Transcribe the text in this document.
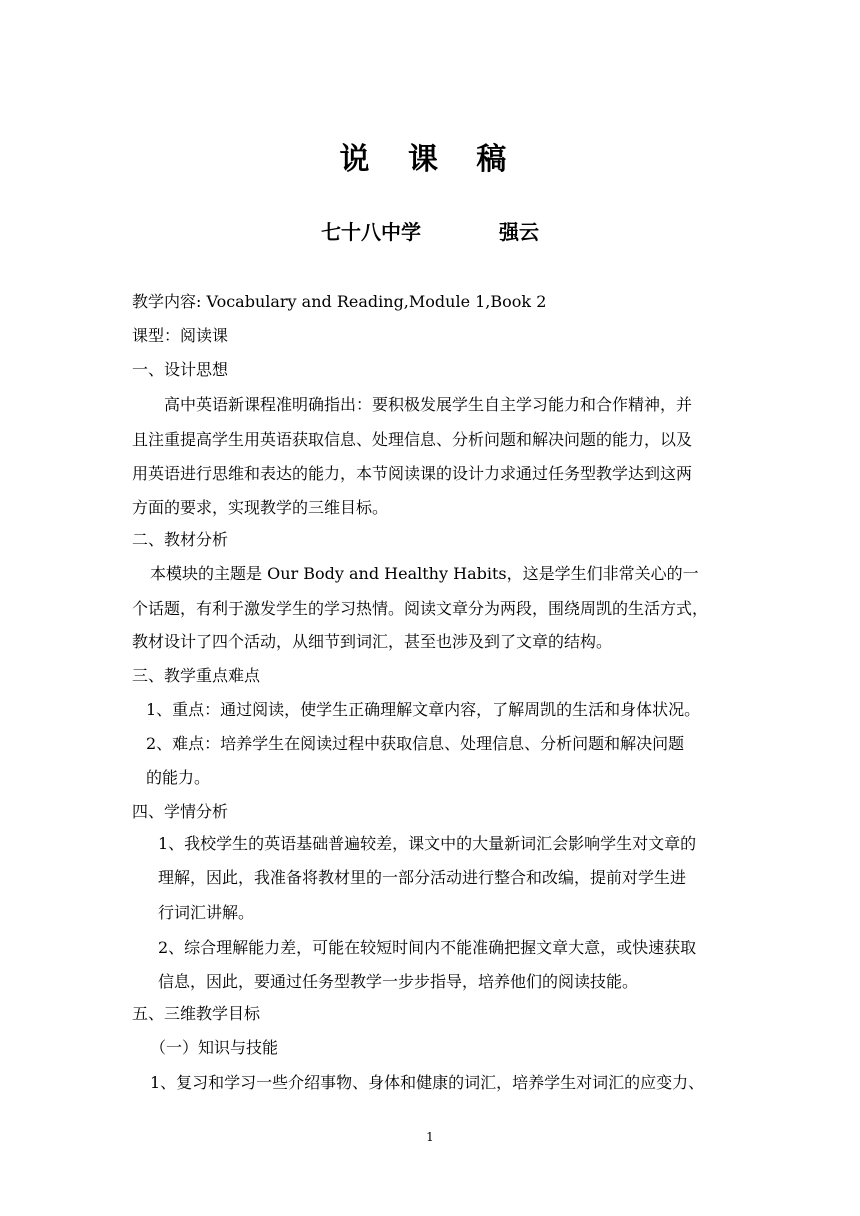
说 课 稿
七十八中学	强云
教学内容: Vocabulary and Reading,Module 1,Book 2
课型：阅读课
一、设计思想
高中英语新课程准明确指出：要积极发展学生自主学习能力和合作精神，并
且注重提高学生用英语获取信息、处理信息、分析问题和解决问题的能力，以及
用英语进行思维和表达的能力，本节阅读课的设计力求通过任务型教学达到这两
方面的要求，实现教学的三维目标。
二、教材分析
本模块的主题是 Our Body and Healthy Habits，这是学生们非常关心的一
个话题，有利于激发学生的学习热情。阅读文章分为两段，围绕周凯的生活方式，
教材设计了四个活动，从细节到词汇，甚至也涉及到了文章的结构。
三、教学重点难点
1、重点：通过阅读，使学生正确理解文章内容，了解周凯的生活和身体状况。
2、难点：培养学生在阅读过程中获取信息、处理信息、分析问题和解决问题
的能力。
四、学情分析
1、我校学生的英语基础普遍较差，课文中的大量新词汇会影响学生对文章的
理解，因此，我准备将教材里的一部分活动进行整合和改编，提前对学生进
行词汇讲解。
2、综合理解能力差，可能在较短时间内不能准确把握文章大意，或快速获取
信息，因此，要通过任务型教学一步步指导，培养他们的阅读技能。
五、三维教学目标
（一）知识与技能
1、复习和学习一些介绍事物、身体和健康的词汇，培养学生对词汇的应变力、
1
